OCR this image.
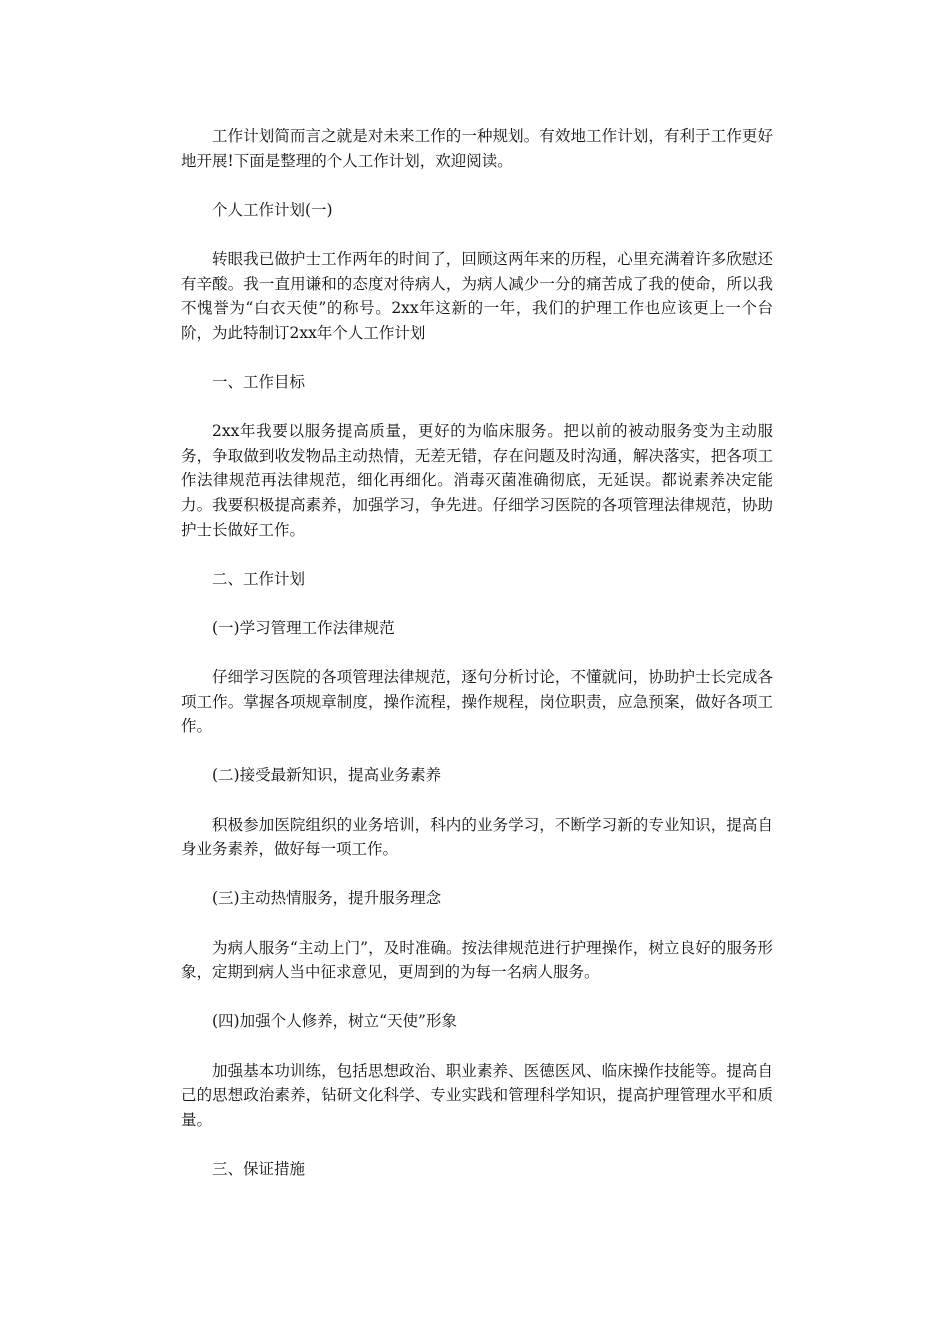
工作计划简而言之就是对未来工作的一种规划。有效地工作计划，有利于工作更好地开展!下面是整理的个人工作计划，欢迎阅读。

个人工作计划(一)

转眼我已做护士工作两年的时间了，回顾这两年来的历程，心里充满着许多欣慰还有辛酸。我一直用谦和的态度对待病人，为病人减少一分的痛苦成了我的使命，所以我不愧誉为“白衣天使”的称号。2xx年这新的一年，我们的护理工作也应该更上一个台阶，为此特制订2xx年个人工作计划

一、工作目标

2xx年我要以服务提高质量，更好的为临床服务。把以前的被动服务变为主动服务，争取做到收发物品主动热情，无差无错，存在问题及时沟通，解决落实，把各项工作法律规范再法律规范，细化再细化。消毒灭菌准确彻底，无延误。都说素养决定能力。我要积极提高素养，加强学习，争先进。仔细学习医院的各项管理法律规范，协助护士长做好工作。

二、工作计划

(一)学习管理工作法律规范

仔细学习医院的各项管理法律规范，逐句分析讨论，不懂就问，协助护士长完成各项工作。掌握各项规章制度，操作流程，操作规程，岗位职责，应急预案，做好各项工作。

(二)接受最新知识，提高业务素养

积极参加医院组织的业务培训，科内的业务学习，不断学习新的专业知识，提高自身业务素养，做好每一项工作。

(三)主动热情服务，提升服务理念

为病人服务“主动上门”，及时准确。按法律规范进行护理操作，树立良好的服务形象，定期到病人当中征求意见，更周到的为每一名病人服务。

(四)加强个人修养，树立“天使”形象

加强基本功训练，包括思想政治、职业素养、医德医风、临床操作技能等。提高自己的思想政治素养，钻研文化科学、专业实践和管理科学知识，提高护理管理水平和质量。

三、保证措施
